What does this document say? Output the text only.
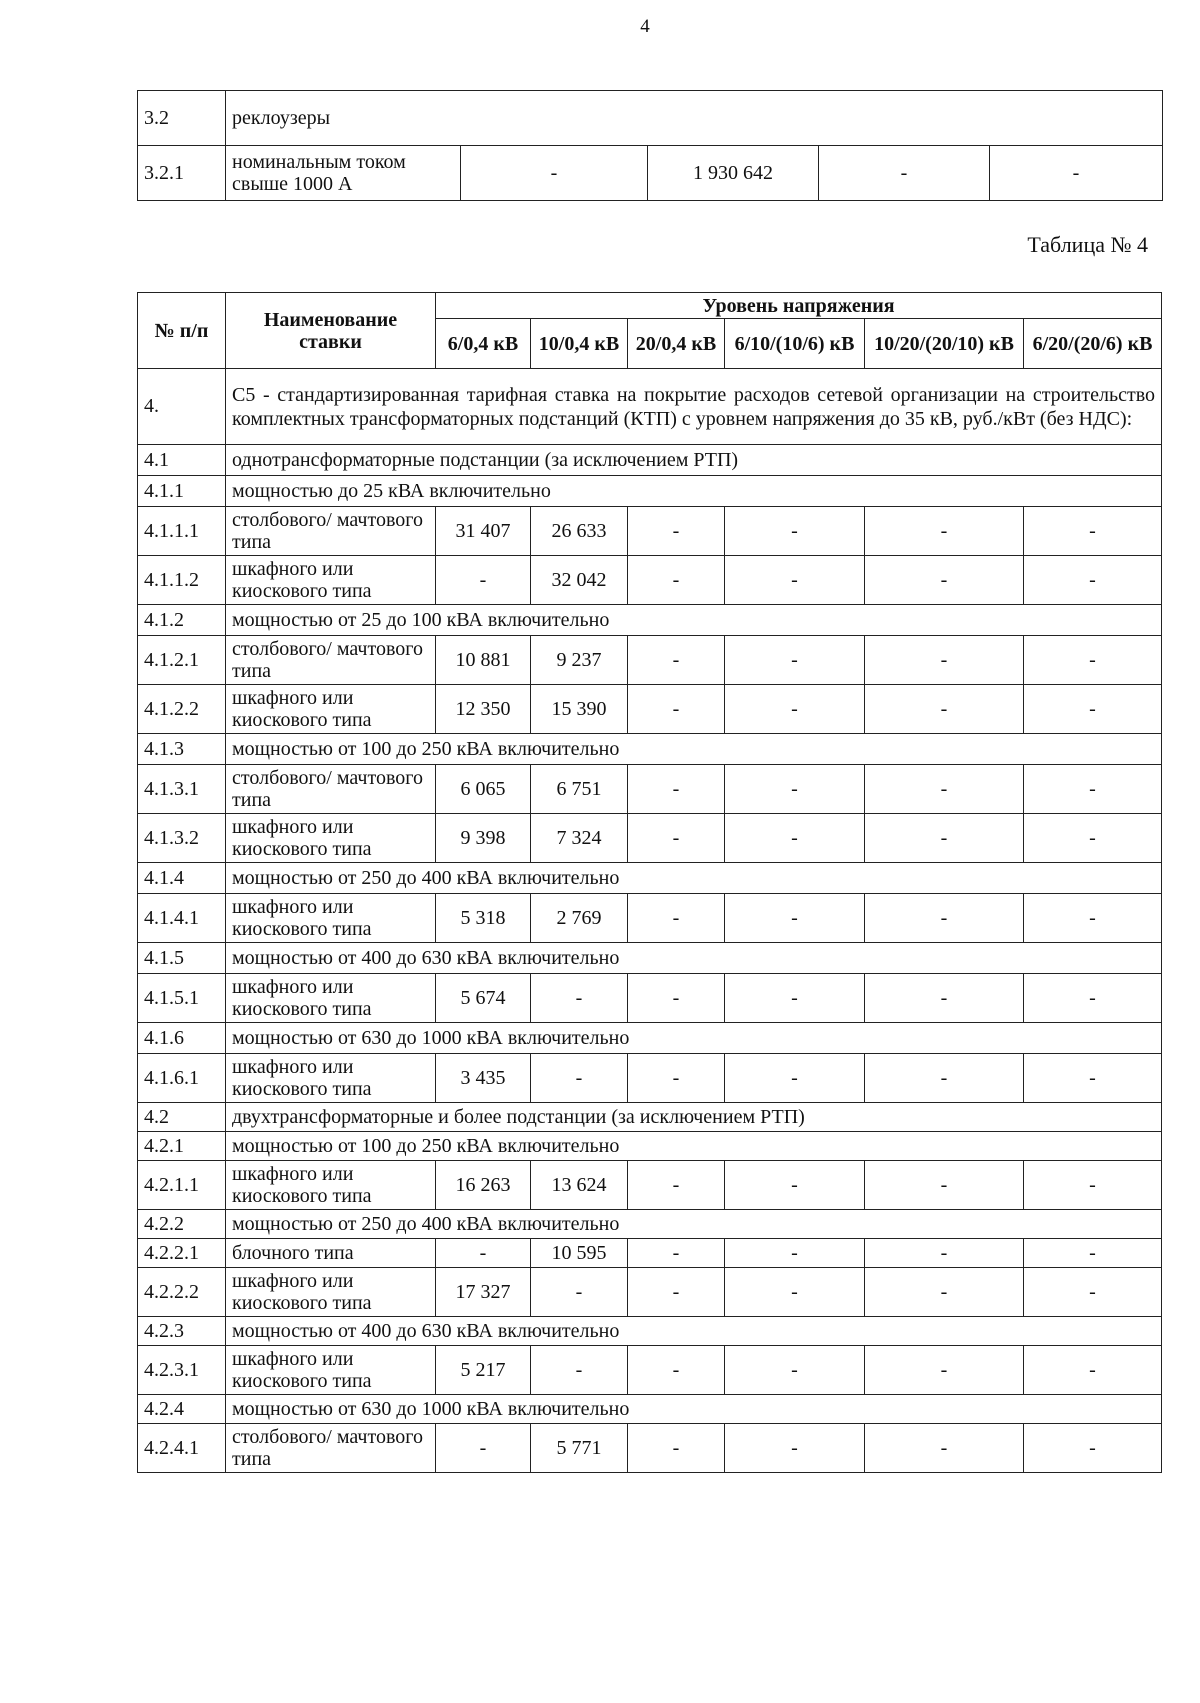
4
3.2	реклоузеры				
3.2.1	номинальным током свыше 1000 А	-	1 930 642	-	-
Таблица № 4
№ п/п	Наименование ставки	Уровень напряжения					
		6/0,4 кВ	10/0,4 кВ	20/0,4 кВ	6/10/(10/6) кВ	10/20/(20/10) кВ	6/20/(20/6) кВ
4.	С5 - стандартизированная тарифная ставка на покрытие расходов сетевой организации на строительство комплектных трансформаторных подстанций (КТП) с уровнем напряжения до 35 кВ, руб./кВт (без НДС):						
4.1	однотрансформаторные подстанции (за исключением РТП)						
4.1.1	мощностью до 25 кВА включительно						
4.1.1.1	столбового/ мачтового типа	31 407	26 633	-	-	-	-
4.1.1.2	шкафного или киоскового типа	-	32 042	-	-	-	-
4.1.2	мощностью от 25 до 100 кВА включительно						
4.1.2.1	столбового/ мачтового типа	10 881	9 237	-	-	-	-
4.1.2.2	шкафного или киоскового типа	12 350	15 390	-	-	-	-
4.1.3	мощностью от 100 до 250 кВА включительно						
4.1.3.1	столбового/ мачтового типа	6 065	6 751	-	-	-	-
4.1.3.2	шкафного или киоскового типа	9 398	7 324	-	-	-	-
4.1.4	мощностью от 250 до 400 кВА включительно						
4.1.4.1	шкафного или киоскового типа	5 318	2 769	-	-	-	-
4.1.5	мощностью от 400 до 630 кВА включительно						
4.1.5.1	шкафного или киоскового типа	5 674	-	-	-	-	-
4.1.6	мощностью от 630 до 1000 кВА включительно						
4.1.6.1	шкафного или киоскового типа	3 435	-	-	-	-	-
4.2	двухтрансформаторные и более подстанции (за исключением РТП)						
4.2.1	мощностью от 100 до 250 кВА включительно						
4.2.1.1	шкафного или киоскового типа	16 263	13 624	-	-	-	-
4.2.2	мощностью от 250 до 400 кВА включительно						
4.2.2.1	блочного типа	-	10 595	-	-	-	-
4.2.2.2	шкафного или киоскового типа	17 327	-	-	-	-	-
4.2.3	мощностью от 400 до 630 кВА включительно						
4.2.3.1	шкафного или киоскового типа	5 217	-	-	-	-	-
4.2.4	мощностью от 630 до 1000 кВА включительно						
4.2.4.1	столбового/ мачтового типа	-	5 771	-	-	-	-
